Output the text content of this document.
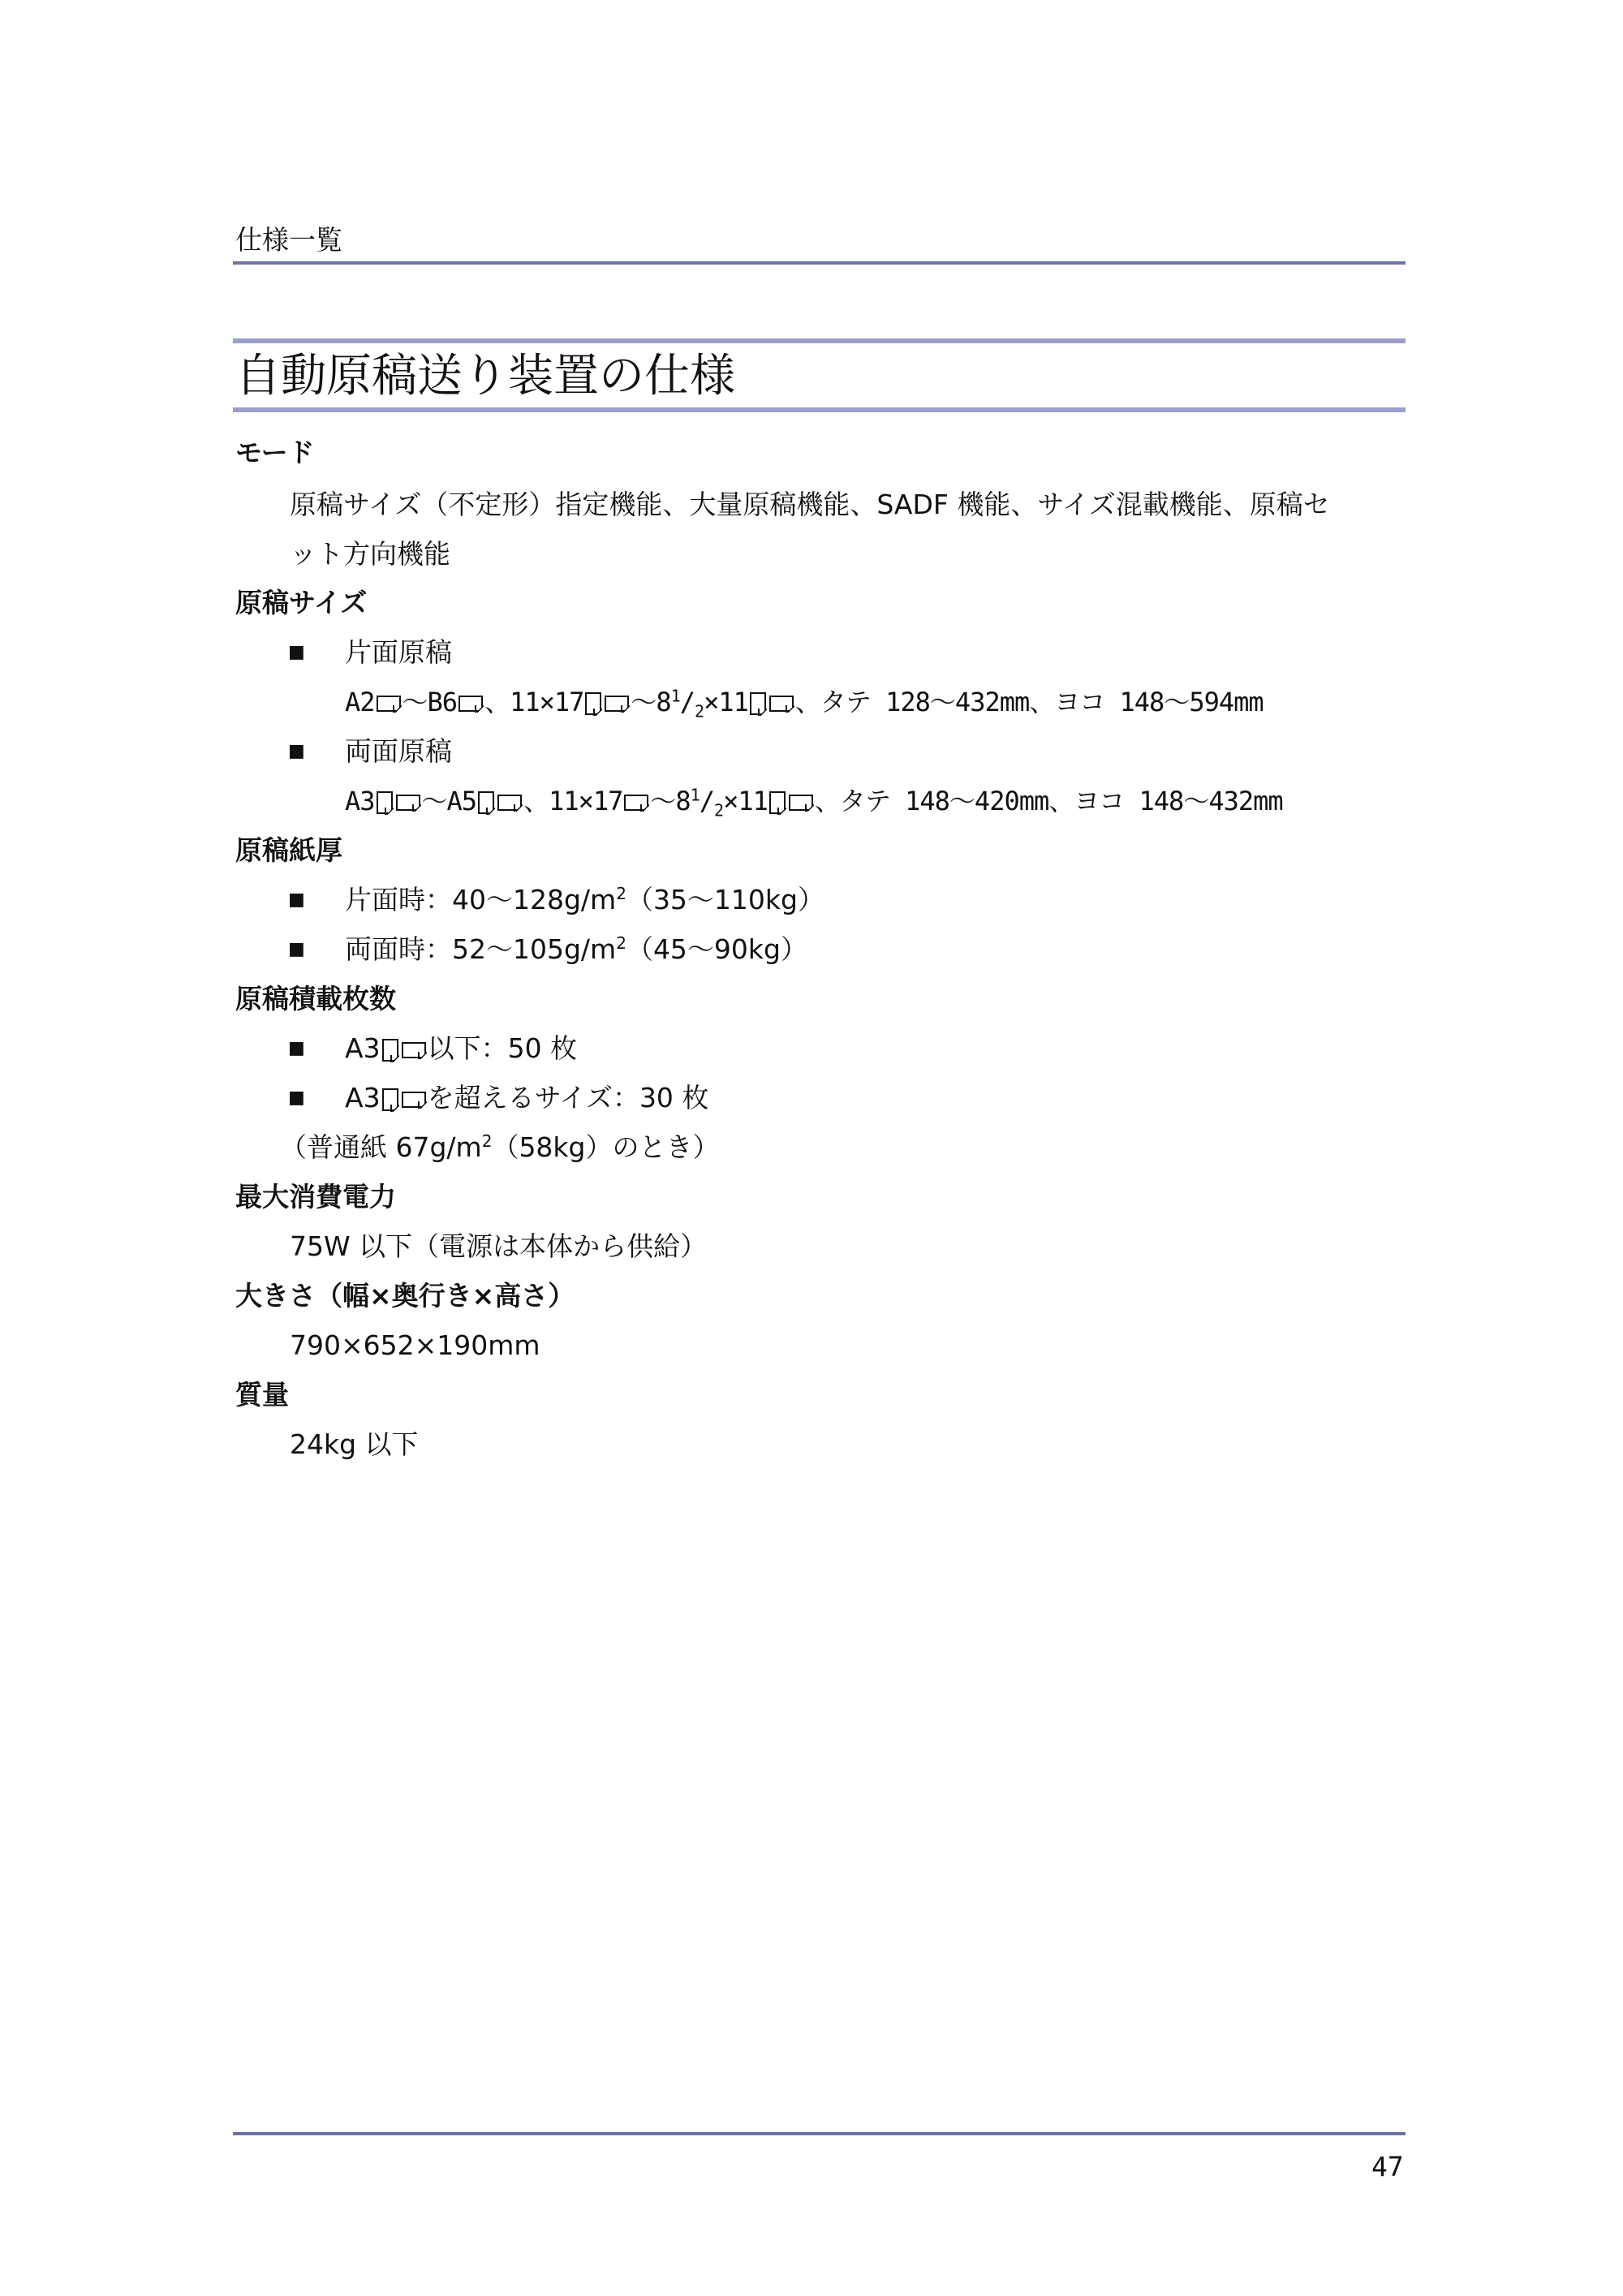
仕様一覧
自動原稿送り装置の仕様
モード
原稿サイズ（不定形）指定機能、大量原稿機能、SADF 機能、サイズ混載機能、原稿セ
ット方向機能
原稿サイズ
■ 片面原稿
A2 〜B6 、11×17 〜$8^1/_2\times 11$ 、タテ 128〜432mm、ヨコ 148〜594mm
■ 両面原稿
A3 〜A5 、11×17 〜$8^1/_2\times 11$ 、タテ 148〜420mm、ヨコ 148〜432mm
原稿紙厚
■ 片面時：40〜$128g/m^2(35$〜110kg）
■ 両面時：52〜$105g/m^2(45$〜90kg）
原稿積載枚数
■ A3 以下：50 枚
■ A3 を超えるサイズ：30 枚
（普通紙 $67g/m^2(58kg)$のとき）
最大消費電力
75W 以下（電源は本体から供給）
大きさ（幅×奥行き×高さ）
790×652×190mm
質量
24kg 以下
47
